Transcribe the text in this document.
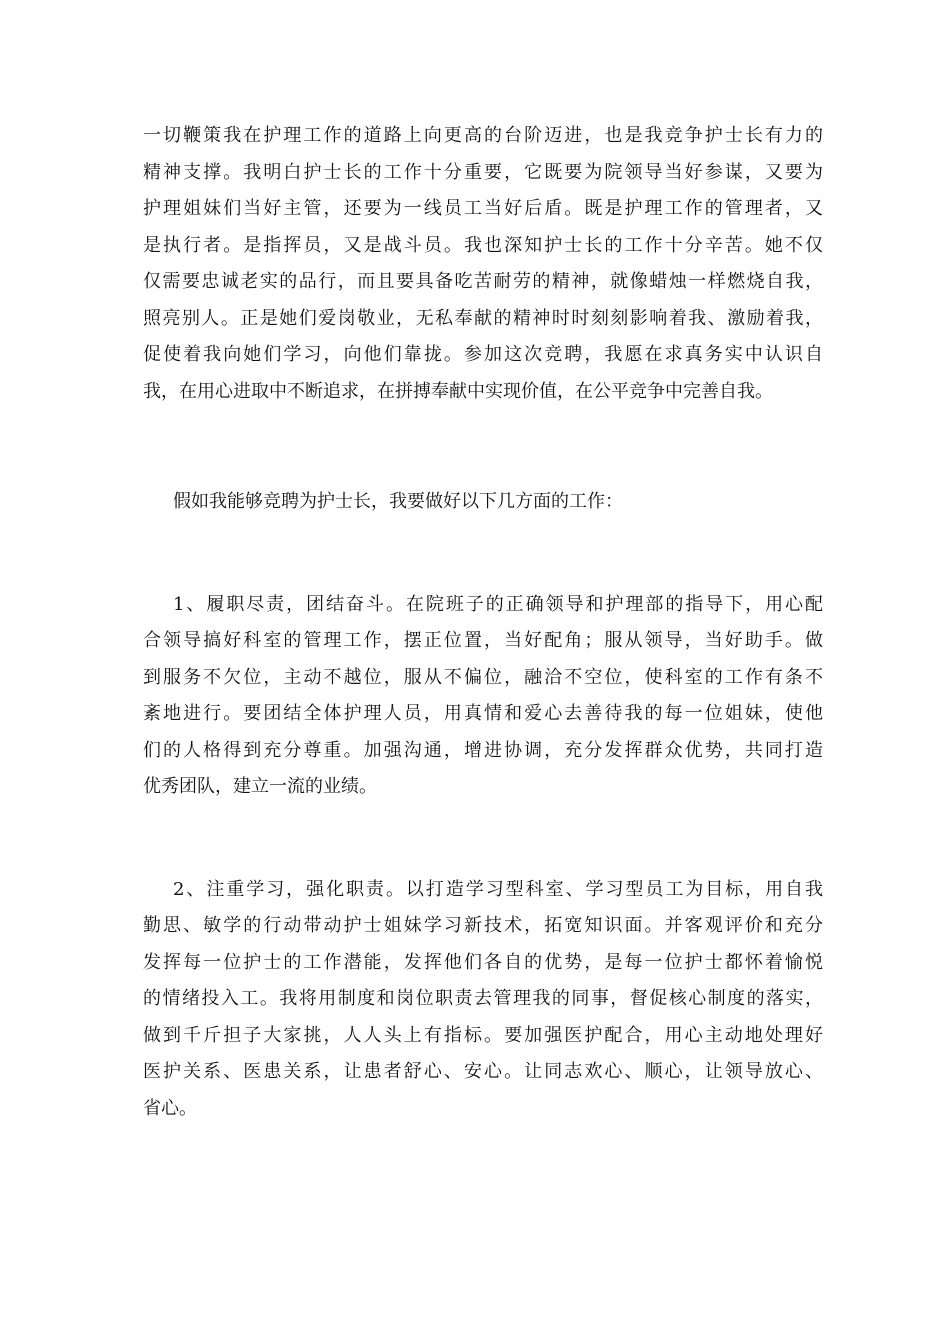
一切鞭策我在护理工作的道路上向更高的台阶迈进，也是我竞争护士长有力的

精神支撑。我明白护士长的工作十分重要，它既要为院领导当好参谋，又要为

护理姐妹们当好主管，还要为一线员工当好后盾。既是护理工作的管理者，又

是执行者。是指挥员，又是战斗员。我也深知护士长的工作十分辛苦。她不仅

仅需要忠诚老实的品行，而且要具备吃苦耐劳的精神，就像蜡烛一样燃烧自我，

照亮别人。正是她们爱岗敬业，无私奉献的精神时时刻刻影响着我、激励着我，

促使着我向她们学习，向他们靠拢。参加这次竞聘，我愿在求真务实中认识自

我，在用心进取中不断追求，在拼搏奉献中实现价值，在公平竞争中完善自我。

假如我能够竞聘为护士长，我要做好以下几方面的工作：

1、履职尽责，团结奋斗。在院班子的正确领导和护理部的指导下，用心配

合领导搞好科室的管理工作，摆正位置，当好配角；服从领导，当好助手。做

到服务不欠位，主动不越位，服从不偏位，融洽不空位，使科室的工作有条不

紊地进行。要团结全体护理人员，用真情和爱心去善待我的每一位姐妹，使他

们的人格得到充分尊重。加强沟通，增进协调，充分发挥群众优势，共同打造

优秀团队，建立一流的业绩。

2、注重学习，强化职责。以打造学习型科室、学习型员工为目标，用自我

勤思、敏学的行动带动护士姐妹学习新技术，拓宽知识面。并客观评价和充分

发挥每一位护士的工作潜能，发挥他们各自的优势，是每一位护士都怀着愉悦

的情绪投入工。我将用制度和岗位职责去管理我的同事，督促核心制度的落实，

做到千斤担子大家挑，人人头上有指标。要加强医护配合，用心主动地处理好

医护关系、医患关系，让患者舒心、安心。让同志欢心、顺心，让领导放心、

省心。
